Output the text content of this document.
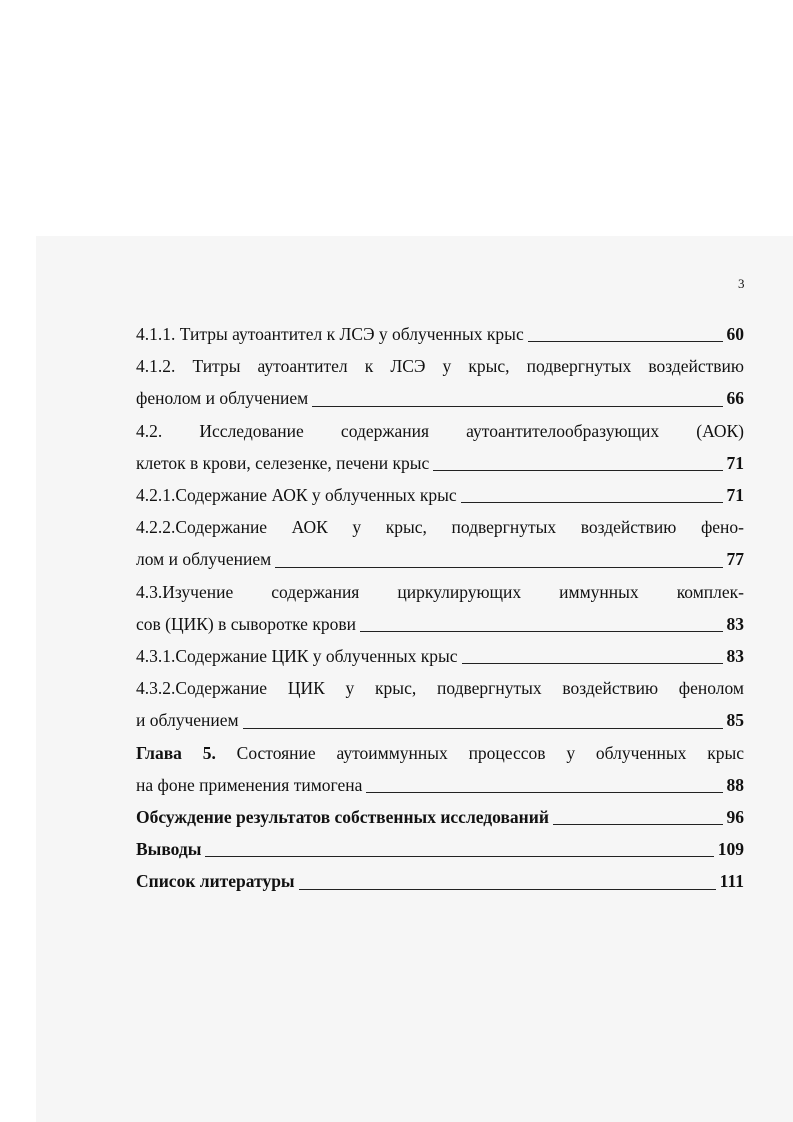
3
4.1.1. Титры аутоантител к ЛСЭ у облученных крыс	60
4.1.2. Титры аутоантител к ЛСЭ у крыс, подвергнутых воздействию
фенолом и облучением	66
4.2. Исследование содержания аутоантителообразующих (АОК)
клеток в крови, селезенке, печени крыс	71
4.2.1.Содержание АОК у облученных крыс	71
4.2.2.Содержание АОК у крыс, подвергнутых воздействию фено-
лом и облучением	77
4.3.Изучение содержания циркулирующих иммунных комплек-
сов (ЦИК) в сыворотке крови	83
4.3.1.Содержание ЦИК у облученных крыс	83
4.3.2.Содержание ЦИК у крыс, подвергнутых воздействию фенолом
и облучением	85
Глава 5. Состояние аутоиммунных процессов у облученных крыс
на фоне применения тимогена	88
Обсуждение результатов собственных исследований	96
Выводы	109
Список литературы	111
